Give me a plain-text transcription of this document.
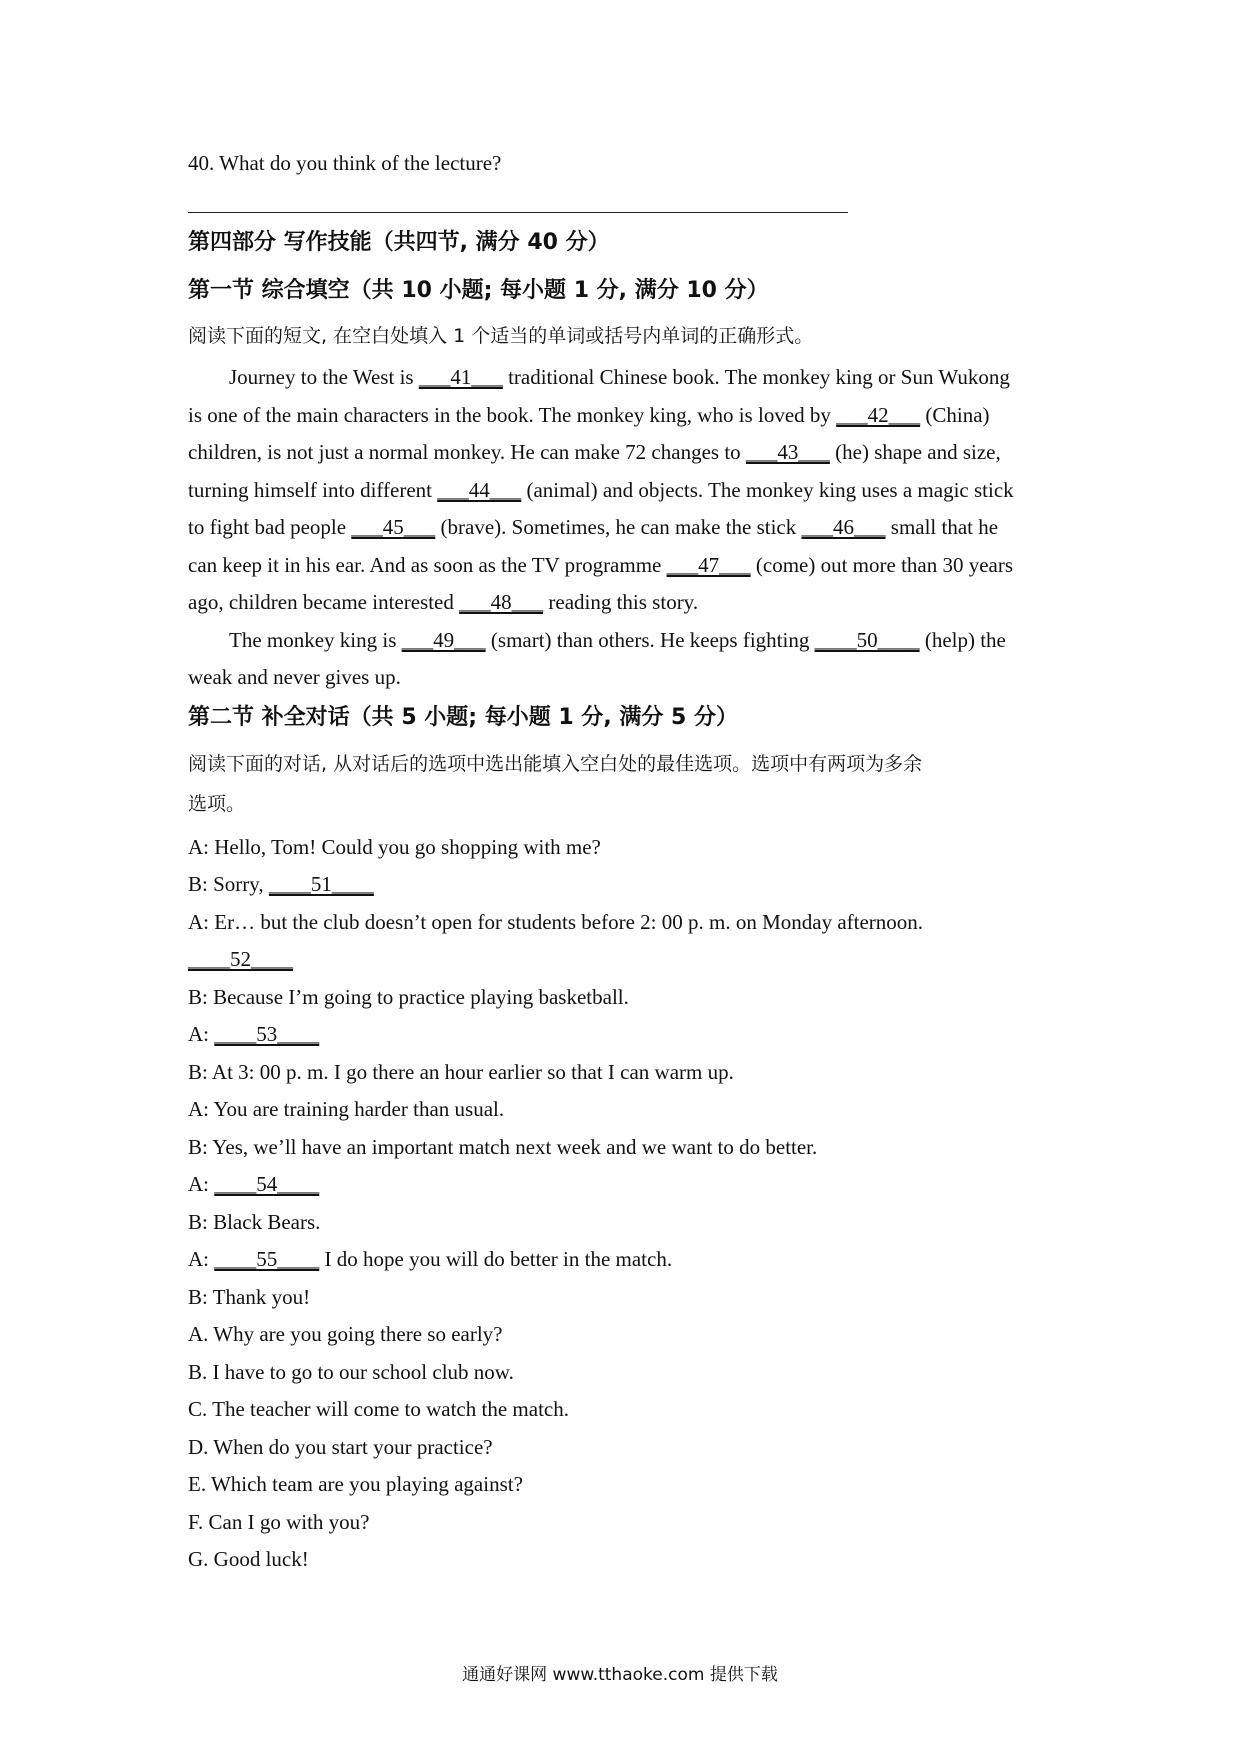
40. What do you think of the lecture?
第四部分 写作技能（共四节, 满分 40 分）
第一节 综合填空（共 10 小题; 每小题 1 分, 满分 10 分）
阅读下面的短文, 在空白处填入 1 个适当的单词或括号内单词的正确形式。
Journey to the West is ___41___ traditional Chinese book. The monkey king or Sun Wukong
is one of the main characters in the book. The monkey king, who is loved by ___42___ (China)
children, is not just a normal monkey. He can make 72 changes to ___43___ (he) shape and size,
turning himself into different ___44___ (animal) and objects. The monkey king uses a magic stick
to fight bad people ___45___ (brave). Sometimes, he can make the stick ___46___ small that he
can keep it in his ear. And as soon as the TV programme ___47___ (come) out more than 30 years
ago, children became interested ___48___ reading this story.
The monkey king is ___49___ (smart) than others. He keeps fighting ____50____ (help) the
weak and never gives up.
第二节 补全对话（共 5 小题; 每小题 1 分, 满分 5 分）
阅读下面的对话, 从对话后的选项中选出能填入空白处的最佳选项。选项中有两项为多余
选项。
A: Hello, Tom! Could you go shopping with me?
B: Sorry, ____51____
A: Er… but the club doesn’t open for students before 2: 00 p. m. on Monday afternoon.
____52____
B: Because I’m going to practice playing basketball.
A: ____53____
B: At 3: 00 p. m. I go there an hour earlier so that I can warm up.
A: You are training harder than usual.
B: Yes, we’ll have an important match next week and we want to do better.
A: ____54____
B: Black Bears.
A: ____55____ I do hope you will do better in the match.
B: Thank you!
A. Why are you going there so early?
B. I have to go to our school club now.
C. The teacher will come to watch the match.
D. When do you start your practice?
E. Which team are you playing against?
F. Can I go with you?
G. Good luck!
通通好课网 www.tthaoke.com 提供下载
